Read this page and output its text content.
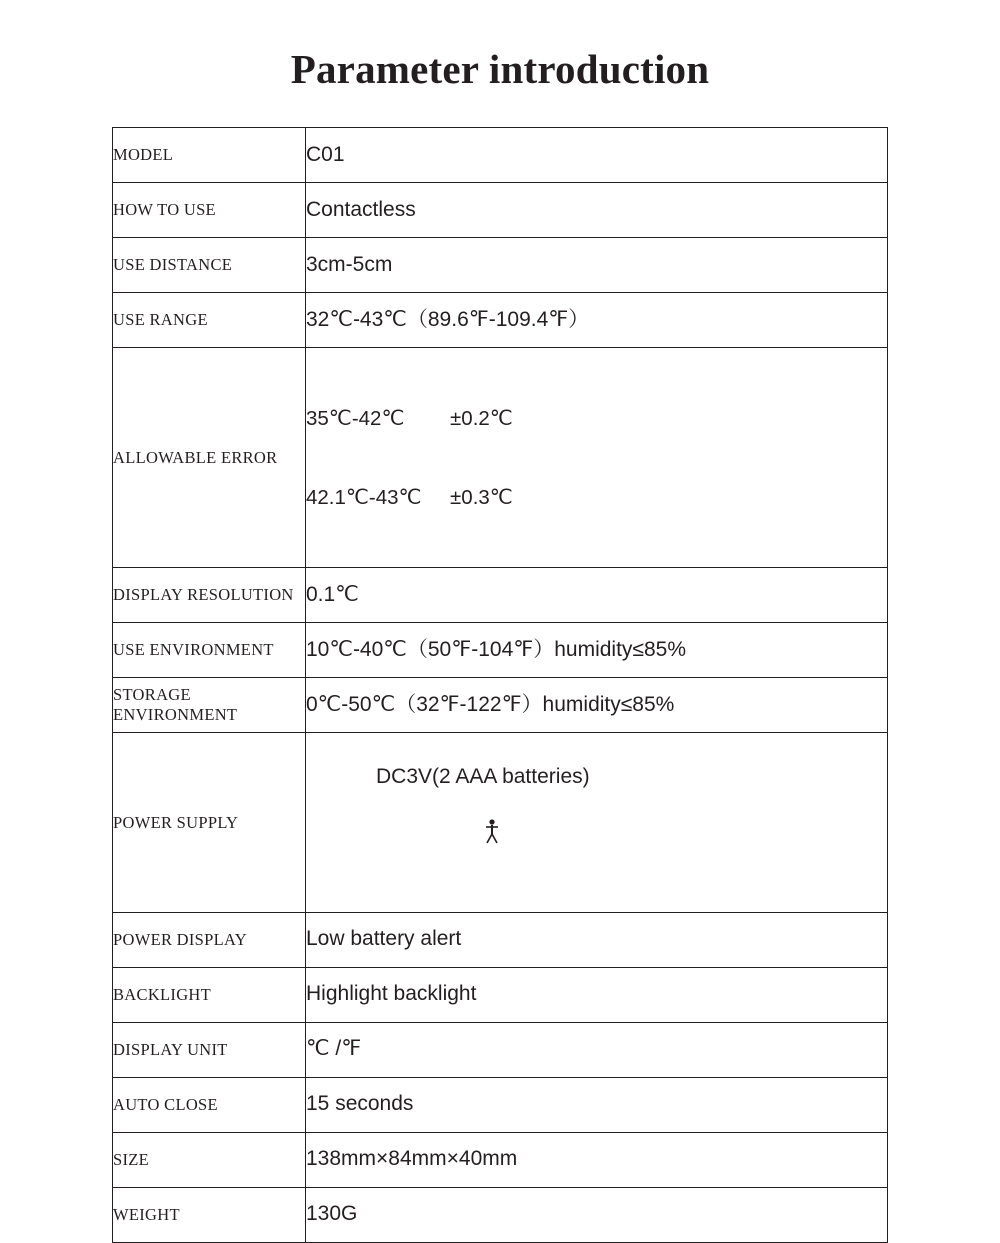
Parameter introduction
MODEL	C01
HOW TO USE	Contactless
USE DISTANCE	3cm-5cm
USE RANGE	32℃-43℃（89.6℉-109.4℉）
ALLOWABLE ERROR	35℃-42℃        ±0.2℃

42.1℃-43℃     ±0.3℃

DISPLAY RESOLUTION	0.1℃
USE ENVIRONMENT	10℃-40℃（50℉-104℉）humidity≤85%
STORAGE ENVIRONMENT	0℃-50℃（32℉-122℉）humidity≤85%
POWER SUPPLY	DC3V(2 AAA batteries)

POWER DISPLAY	Low battery alert
BACKLIGHT	Highlight backlight
DISPLAY UNIT	℃ /℉
AUTO CLOSE	15 seconds
SIZE	138mm×84mm×40mm
WEIGHT	130G
